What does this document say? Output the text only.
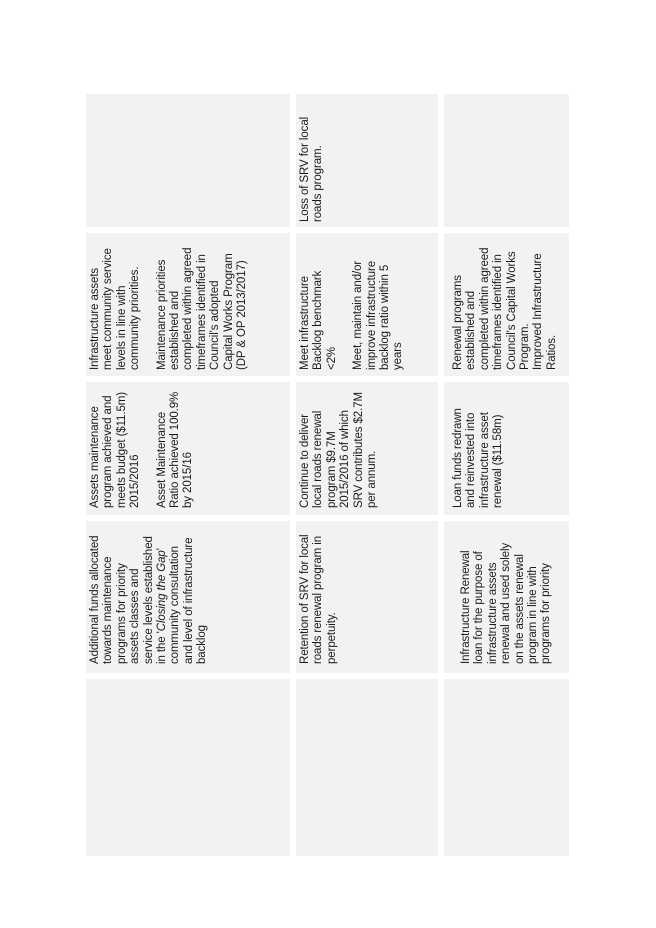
Additional funds allocated towards maintenance programs for priority assets classes and service levels established in the 'Closing the Gap' community consultation and level of infrastructure backlog

Assets maintenance program achieved and meets budget ($11.5m) 2015/2016 Asset Maintenance Ratio achieved 100.9% by 2015/16

Infrastructure assets meet community service levels in line with community priorities. Maintenance priorities established and completed within agreed timeframes identified in Council's adopted Capital Works Program (DP & OP 2013/2017)

Retention of SRV for local roads renewal program in perpetuity.

Continue to deliver local roads renewal program $9.7M 2015/2016 of which SRV contributes $2.7M per annum.

Meet infrastructure Backlog benchmark <2% Meet, maintain and/or improve infrastructure backlog ratio within 5 years

Loss of SRV for local roads program.

Infrastructure Renewal loan for the purpose of infrastructure assets renewal and used solely on the assets renewal program in line with programs for priority

Loan funds redrawn and reinvested into infrastructure asset renewal ($11.58m)

Renewal programs established and completed within agreed timeframes identified in Council's Capital Works Program. Improved Infrastructure Ratios.
